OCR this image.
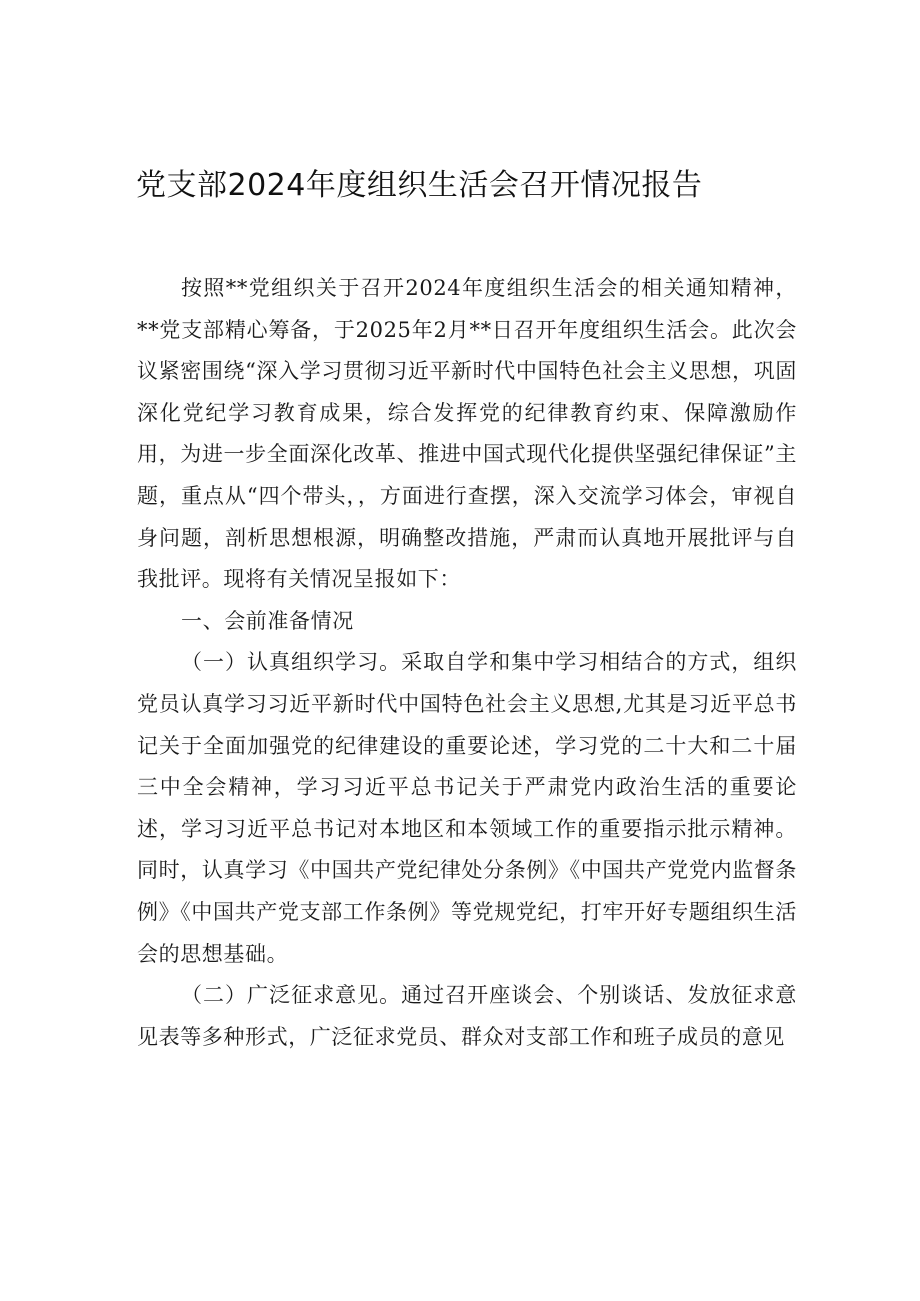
党支部2024年度组织生活会召开情况报告

按照**党组织关于召开2024年度组织生活会的相关通知精神，**党支部精心筹备，于2025年2月**日召开年度组织生活会。此次会议紧密围绕“深入学习贯彻习近平新时代中国特色社会主义思想，巩固深化党纪学习教育成果，综合发挥党的纪律教育约束、保障激励作用，为进一步全面深化改革、推进中国式现代化提供坚强纪律保证”主题，重点从“四个带头，，方面进行查摆，深入交流学习体会，审视自身问题，剖析思想根源，明确整改措施，严肃而认真地开展批评与自我批评。现将有关情况呈报如下：

一、会前准备情况

（一）认真组织学习。采取自学和集中学习相结合的方式，组织党员认真学习习近平新时代中国特色社会主义思想,尤其是习近平总书记关于全面加强党的纪律建设的重要论述，学习党的二十大和二十届三中全会精神，学习习近平总书记关于严肃党内政治生活的重要论述，学习习近平总书记对本地区和本领域工作的重要指示批示精神。同时，认真学习《中国共产党纪律处分条例》《中国共产党党内监督条例》《中国共产党支部工作条例》等党规党纪，打牢开好专题组织生活会的思想基础。

（二）广泛征求意见。通过召开座谈会、个别谈话、发放征求意见表等多种形式，广泛征求党员、群众对支部工作和班子成员的意见
